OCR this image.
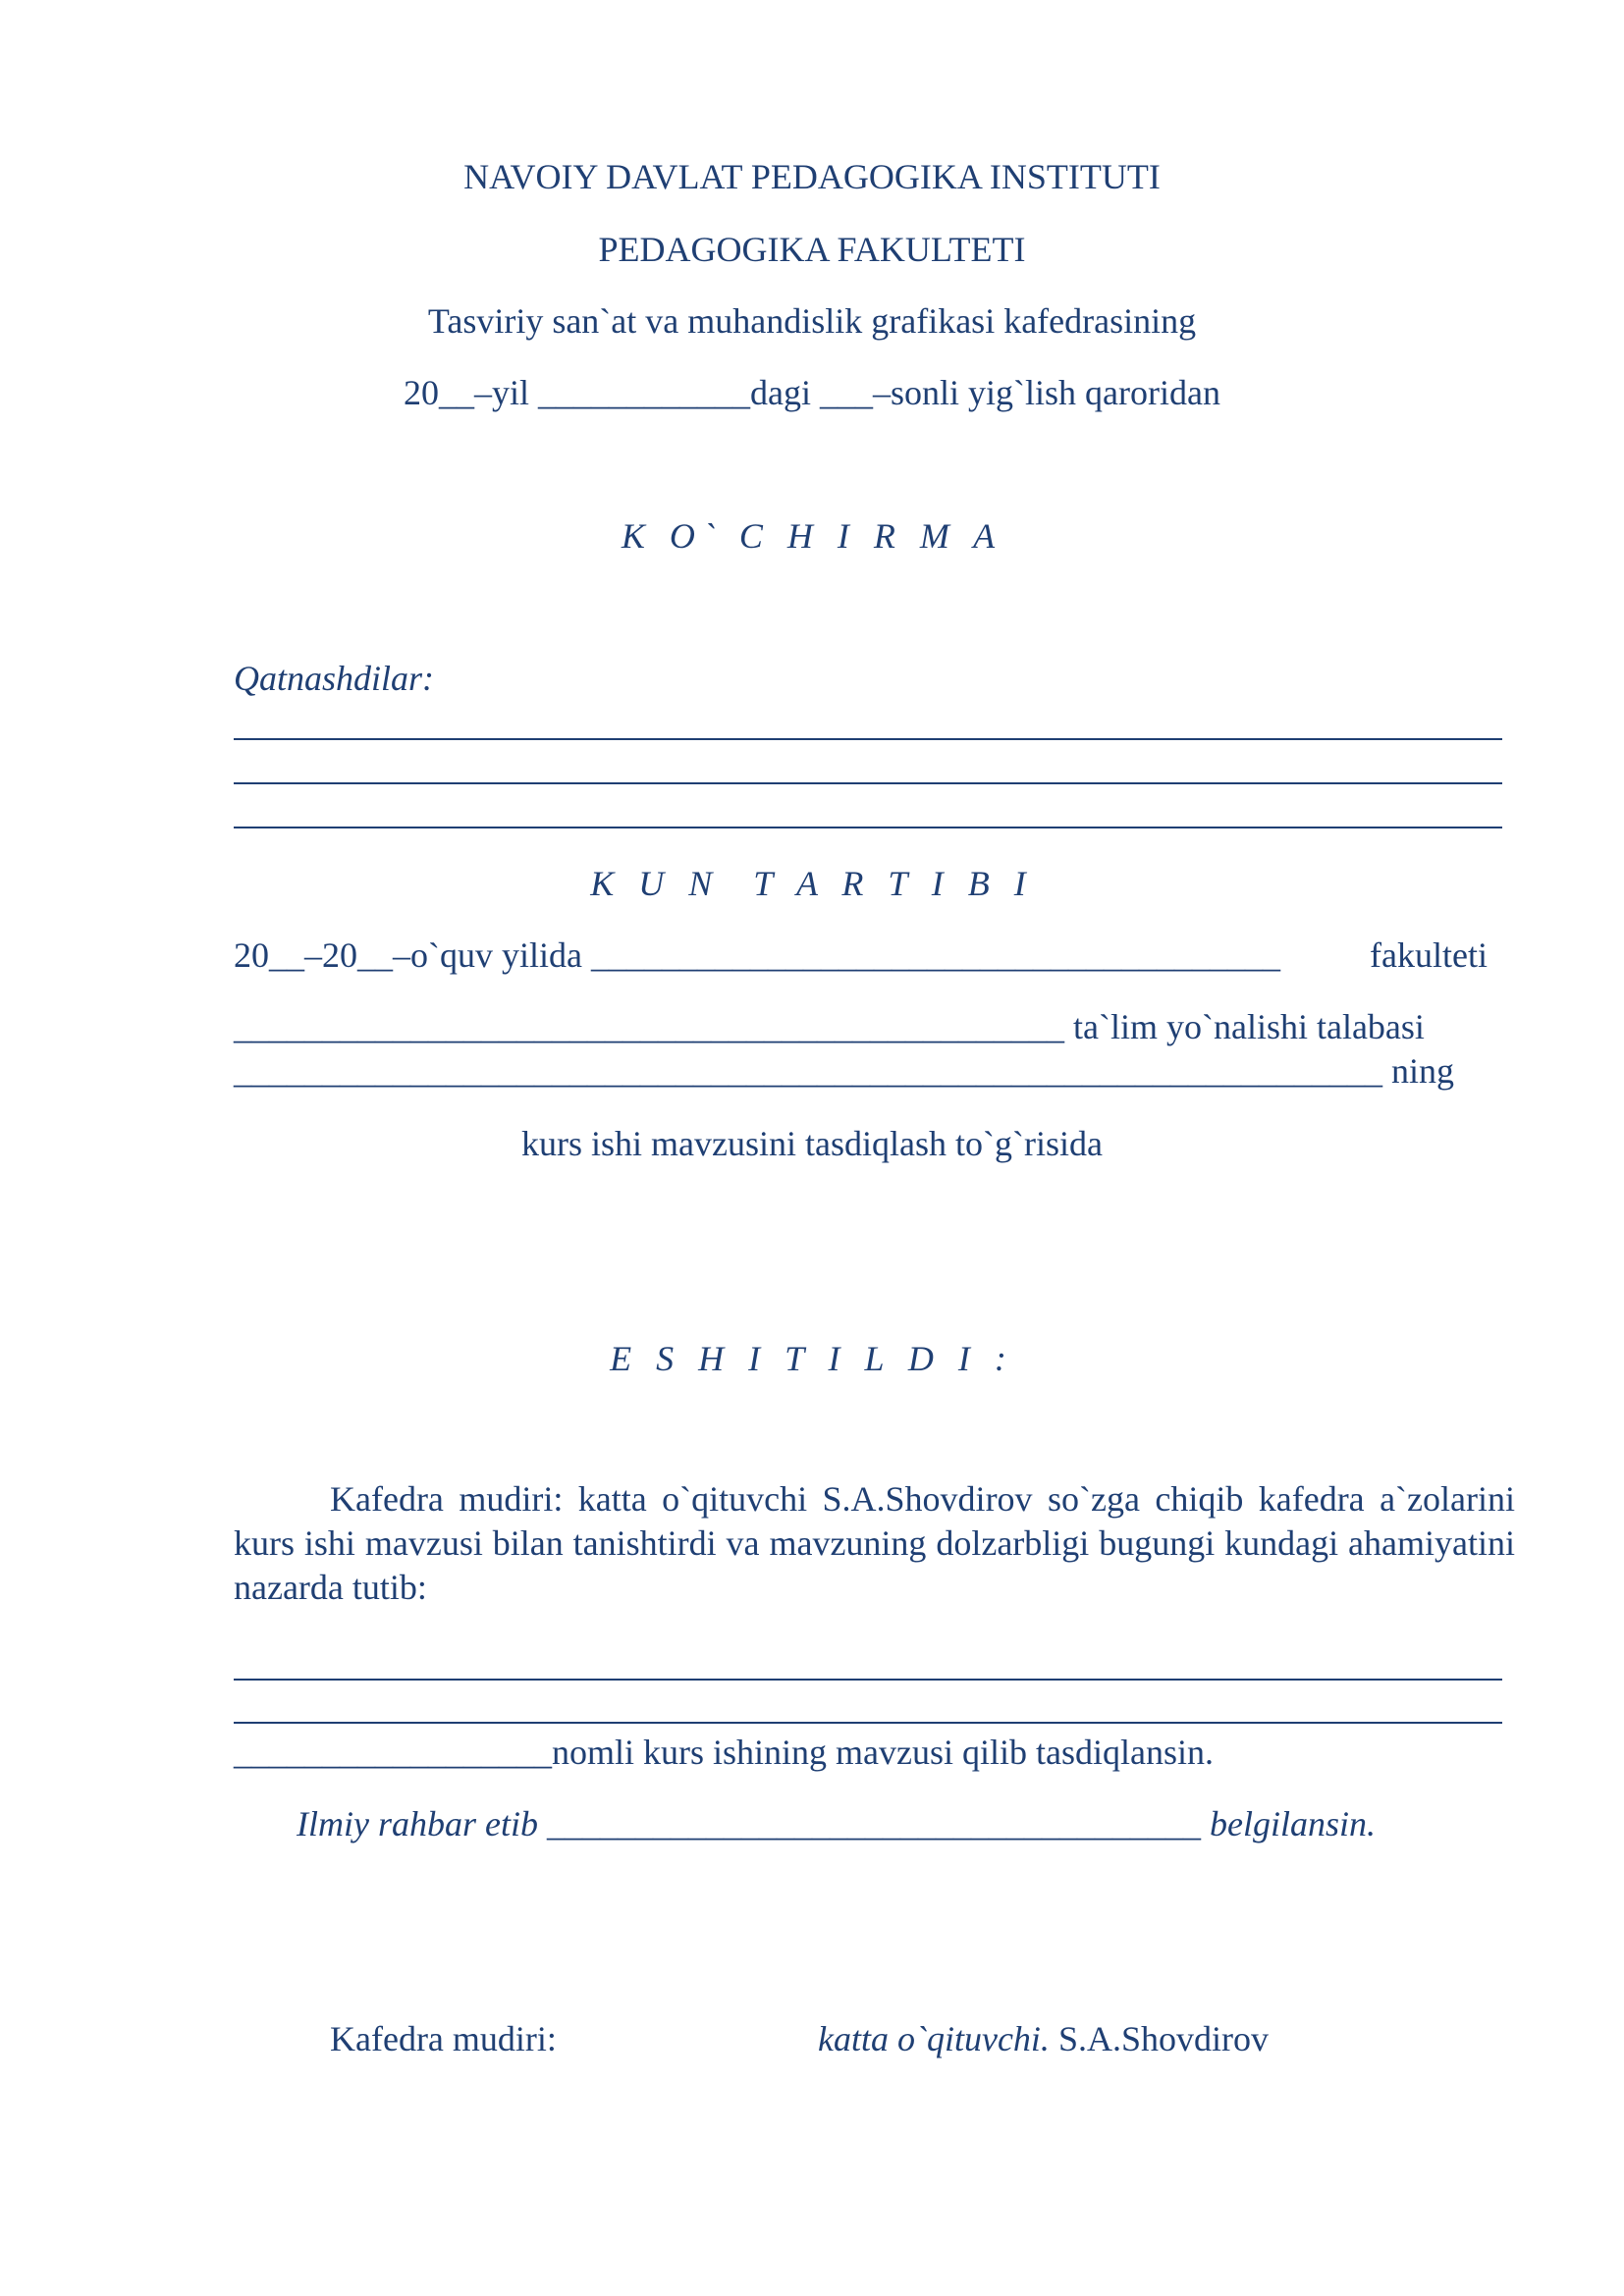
NAVOIY DAVLAT PEDAGOGIKA INSTITUTI
PEDAGOGIKA FAKULTETI
Tasviriy san`at va muhandislik grafikasi kafedrasining
20__–yil ____________dagi ___–sonli yig`lish qaroridan
K O` C H I R M A
Qatnashdilar:
K U N  T A R T I B I
20__–20__–o`quv yilida _______________________________________	fakulteti
_______________________________________________ ta`lim yo`nalishi talabasi
_________________________________________________________________ ning
kurs ishi mavzusini tasdiqlash to`g`risida
E S H I T I L D I :

Kafedra mudiri: katta o`qituvchi S.A.Shovdirov so`zga chiqib kafedra a`zolarini kurs ishi mavzusi bilan tanishtirdi va mavzuning dolzarbligi bugungi kundagi ahamiyatini nazarda tutib:

__________________nomli kurs ishining mavzusi qilib tasdiqlansin.
Ilmiy rahbar etib _____________________________________ belgilansin.
Kafedra mudiri:	katta o`qituvchi. S.A.Shovdirov
